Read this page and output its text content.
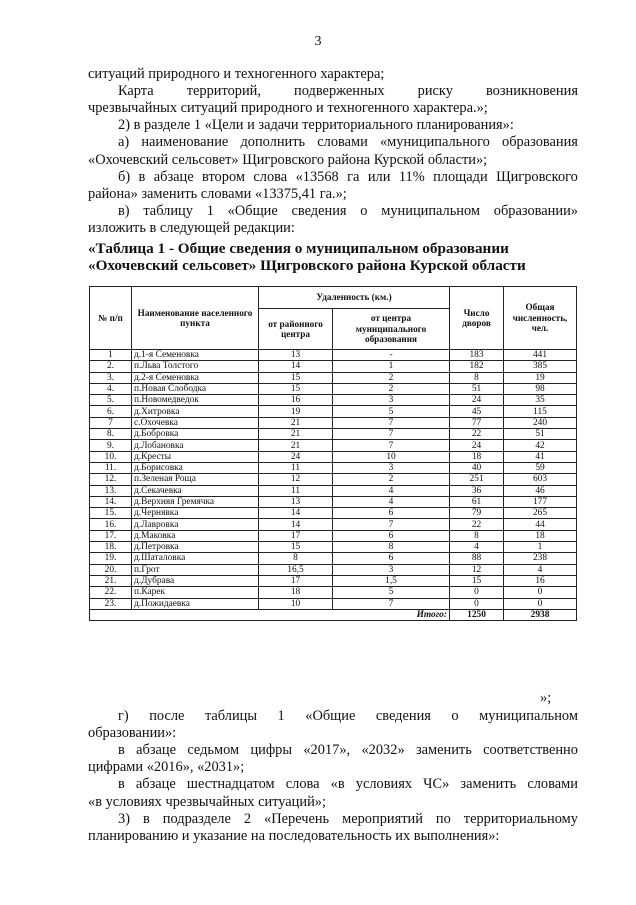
3
ситуаций природного и техногенного характера;
Карта территорий, подверженных риску возникновения
чрезвычайных ситуаций природного и техногенного характера.»;
2) в разделе 1 «Цели и задачи территориального планирования»:
а) наименование дополнить словами «муниципального образования
«Охочевский сельсовет» Щигровского района Курской области»;
б) в абзаце втором слова «13568 га или 11% площади Щигровского
района» заменить словами «13375,41 га.»;
в) таблицу 1 «Общие сведения о муниципальном образовании»
изложить в следующей редакции:
«Таблица 1 - Общие сведения о муниципальном образовании
«Охочевский сельсовет» Щигровского района Курской области
№ п/п	Наименование населенного пункта	Удаленность (км.)		Число дворов	Общая численность, чел.
		от районного центра	от центра муниципального образования		
1	д.1-я Семеновка	13	-	183	441
2.	п.Льва Толстого	14	1	182	385
3.	д.2-я Семеновка	15	2	8	19
4.	п.Новая Слободка	15	2	51	98
5.	п.Новомедведок	16	3	24	35
6.	д.Хитровка	19	5	45	115
7	с.Охочевка	21	7	77	240
8.	д.Бобровка	21	7	22	51
9.	д.Лобановка	21	7	24	42
10.	д.Кресты	24	10	18	41
11.	д.Борисовка	11	3	40	59
12.	п.Зеленая Роща	12	2	251	603
13.	д.Секачевка	11	4	36	46
14.	д.Верхняя Гремячка	13	4	61	177
15.	д.Чернявка	14	6	79	265
16.	д.Лавровка	14	7	22	44
17.	д.Маковка	17	6	8	18
18.	д.Петровка	15	8	4	1
19.	д.Шаталовка	8	6	88	238
20.	п.Грот	16,5	3	12	4
21.	д.Дубрава	17	1,5	15	16
22.	п.Карек	18	5	0	0
23.	д.Пожидаевка	10	7	0	0
Итого:				1250	2938
»;
г) после таблицы 1 «Общие сведения о муниципальном
образовании»:
в абзаце седьмом цифры «2017», «2032» заменить соответственно
цифрами «2016», «2031»;
в абзаце шестнадцатом слова «в условиях ЧС» заменить словами
«в условиях чрезвычайных ситуаций»;
3) в подразделе 2 «Перечень мероприятий по территориальному
планированию и указание на последовательность их выполнения»:
